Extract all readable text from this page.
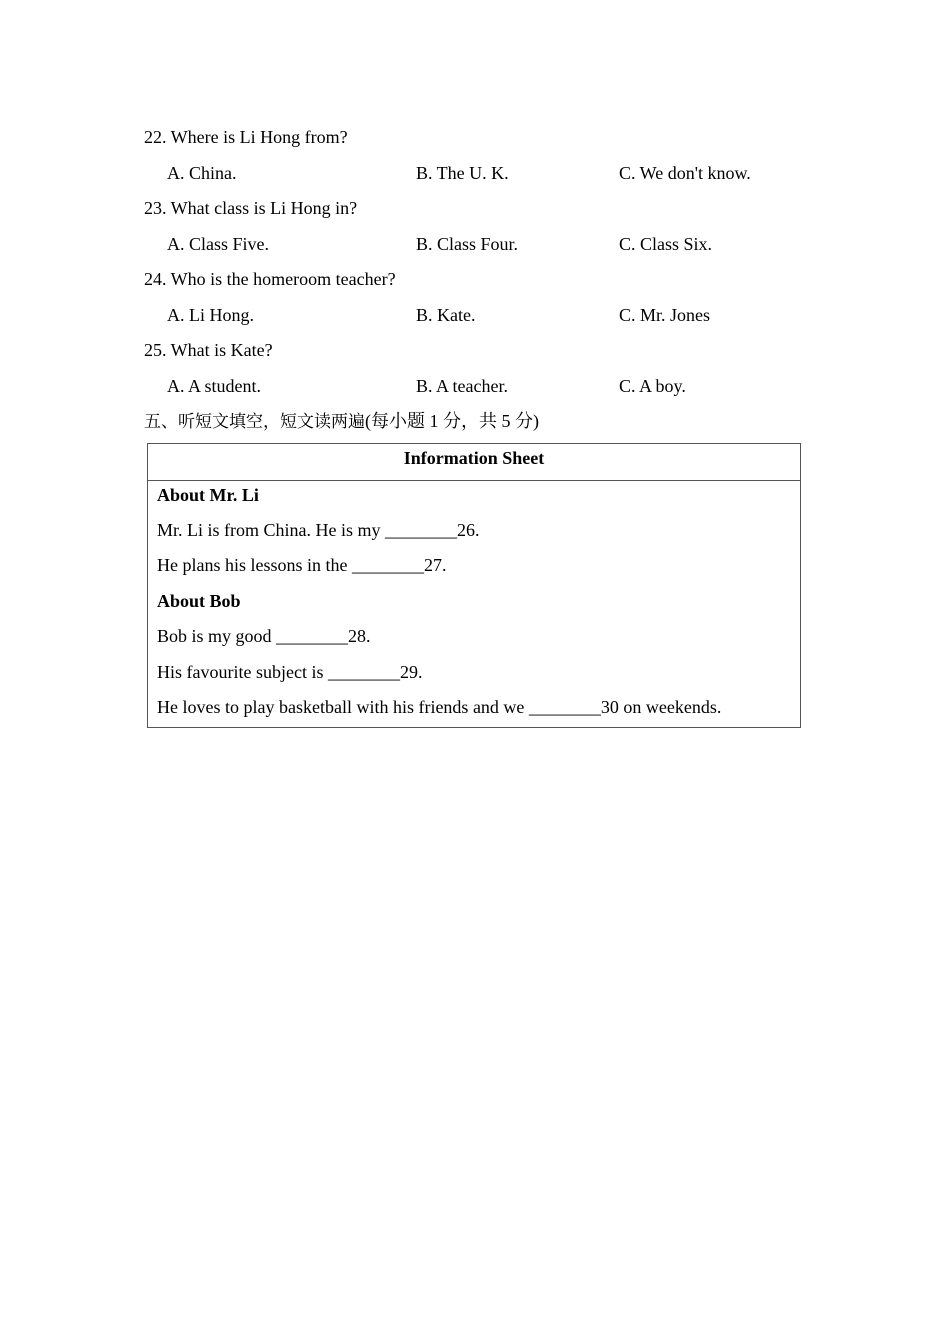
22. Where is Li Hong from?
A. China.	B. The U. K.	C. We don't know.
23. What class is Li Hong in?
A. Class Five.	B. Class Four.	C. Class Six.
24. Who is the homeroom teacher?
A. Li Hong.	B. Kate.	C. Mr. Jones
25. What is Kate?
A. A student.	B. A teacher.	C. A boy.
五、听短文填空，短文读两遍(每小题 1 分，共 5 分)
Information Sheet
About Mr. Li
Mr. Li is from China. He is my ________26.
He plans his lessons in the ________27.
About Bob
Bob is my good ________28.
His favourite subject is ________29.
He loves to play basketball with his friends and we ________30 on weekends.
